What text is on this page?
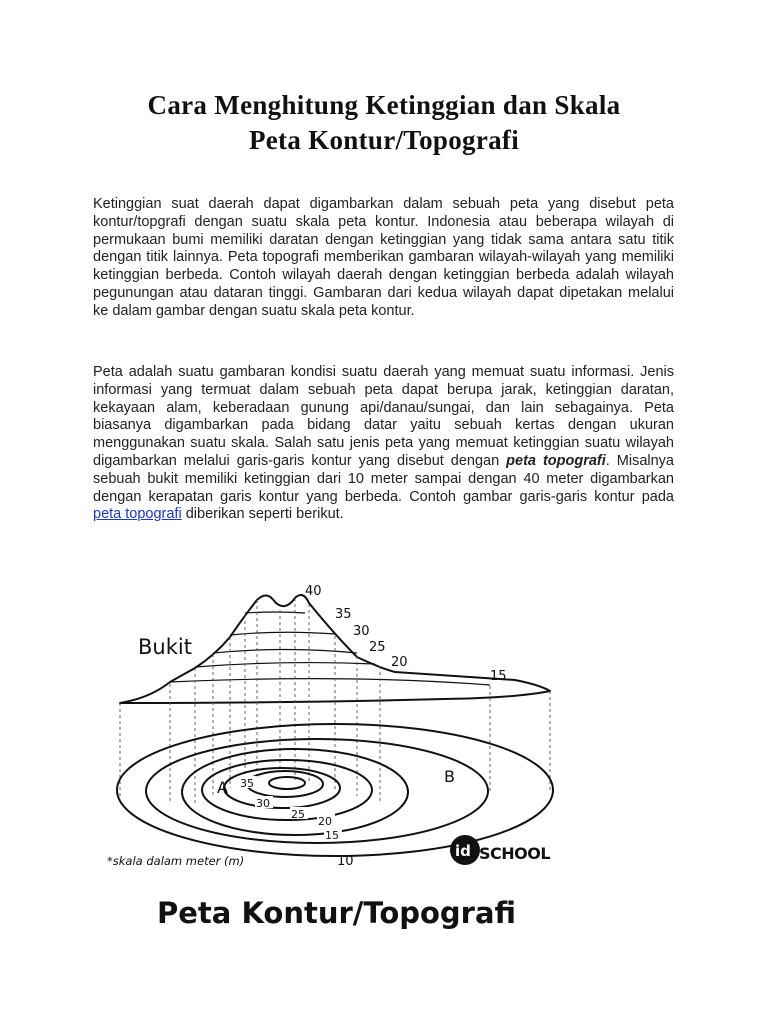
Cara Menghitung Ketinggian dan Skala
Peta Kontur/Topografi

Ketinggian suat daerah dapat digambarkan dalam sebuah peta yang disebut peta kontur/topgrafi dengan suatu skala peta kontur. Indonesia atau beberapa wilayah di permukaan bumi memiliki daratan dengan ketinggian yang tidak sama antara satu titik dengan titik lainnya. Peta topografi memberikan gambaran wilayah-wilayah yang memiliki ketinggian berbeda. Contoh wilayah daerah dengan ketinggian berbeda adalah wilayah pegunungan atau dataran tinggi. Gambaran dari kedua wilayah dapat dipetakan melalui ke dalam gambar dengan suatu skala peta kontur.

Peta adalah suatu gambaran kondisi suatu daerah yang memuat suatu informasi. Jenis informasi yang termuat dalam sebuah peta dapat berupa jarak, ketinggian daratan, kekayaan alam, keberadaan gunung api/danau/sungai, dan lain sebagainya. Peta biasanya digambarkan pada bidang datar yaitu sebuah kertas dengan ukuran menggunakan suatu skala. Salah satu jenis peta yang memuat ketinggian suatu wilayah digambarkan melalui garis-garis kontur yang disebut dengan peta topografi. Misalnya sebuah bukit memiliki ketinggian dari 10 meter sampai dengan 40 meter digambarkan dengan kerapatan garis kontur yang berbeda. Contoh gambar garis-garis kontur pada peta topografi diberikan seperti berikut.

40
35
30
25
20
15
Bukit
35
30
25
20
15
10
A
B
*skala dalam meter (m)
id SCHOOL
Peta Kontur/Topografi
